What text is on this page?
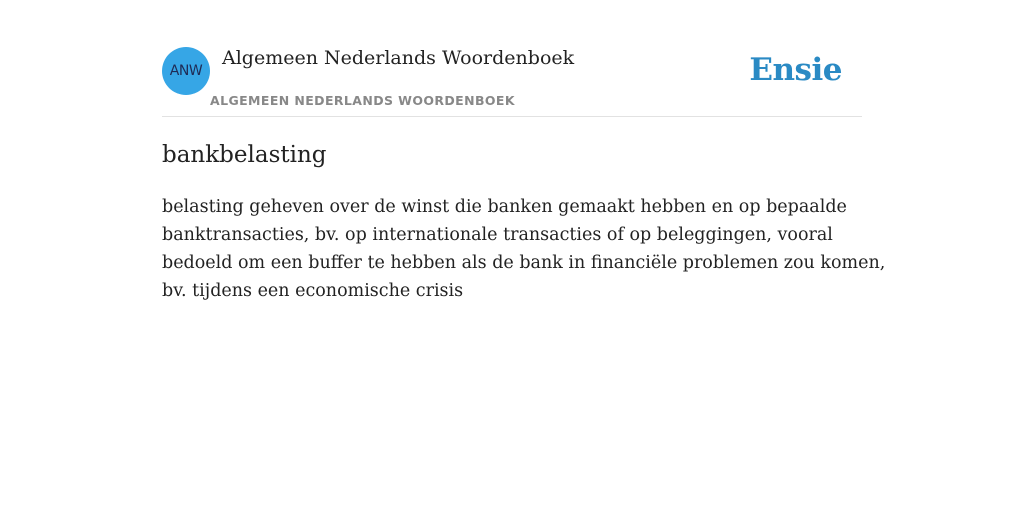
ANW
Algemeen Nederlands Woordenboek
ALGEMEEN NEDERLANDS WOORDENBOEK
Ensie
bankbelasting
belasting geheven over de winst die banken gemaakt hebben en op bepaalde
banktransacties, bv. op internationale transacties of op beleggingen, vooral
bedoeld om een buffer te hebben als de bank in financiële problemen zou komen,
bv. tijdens een economische crisis
